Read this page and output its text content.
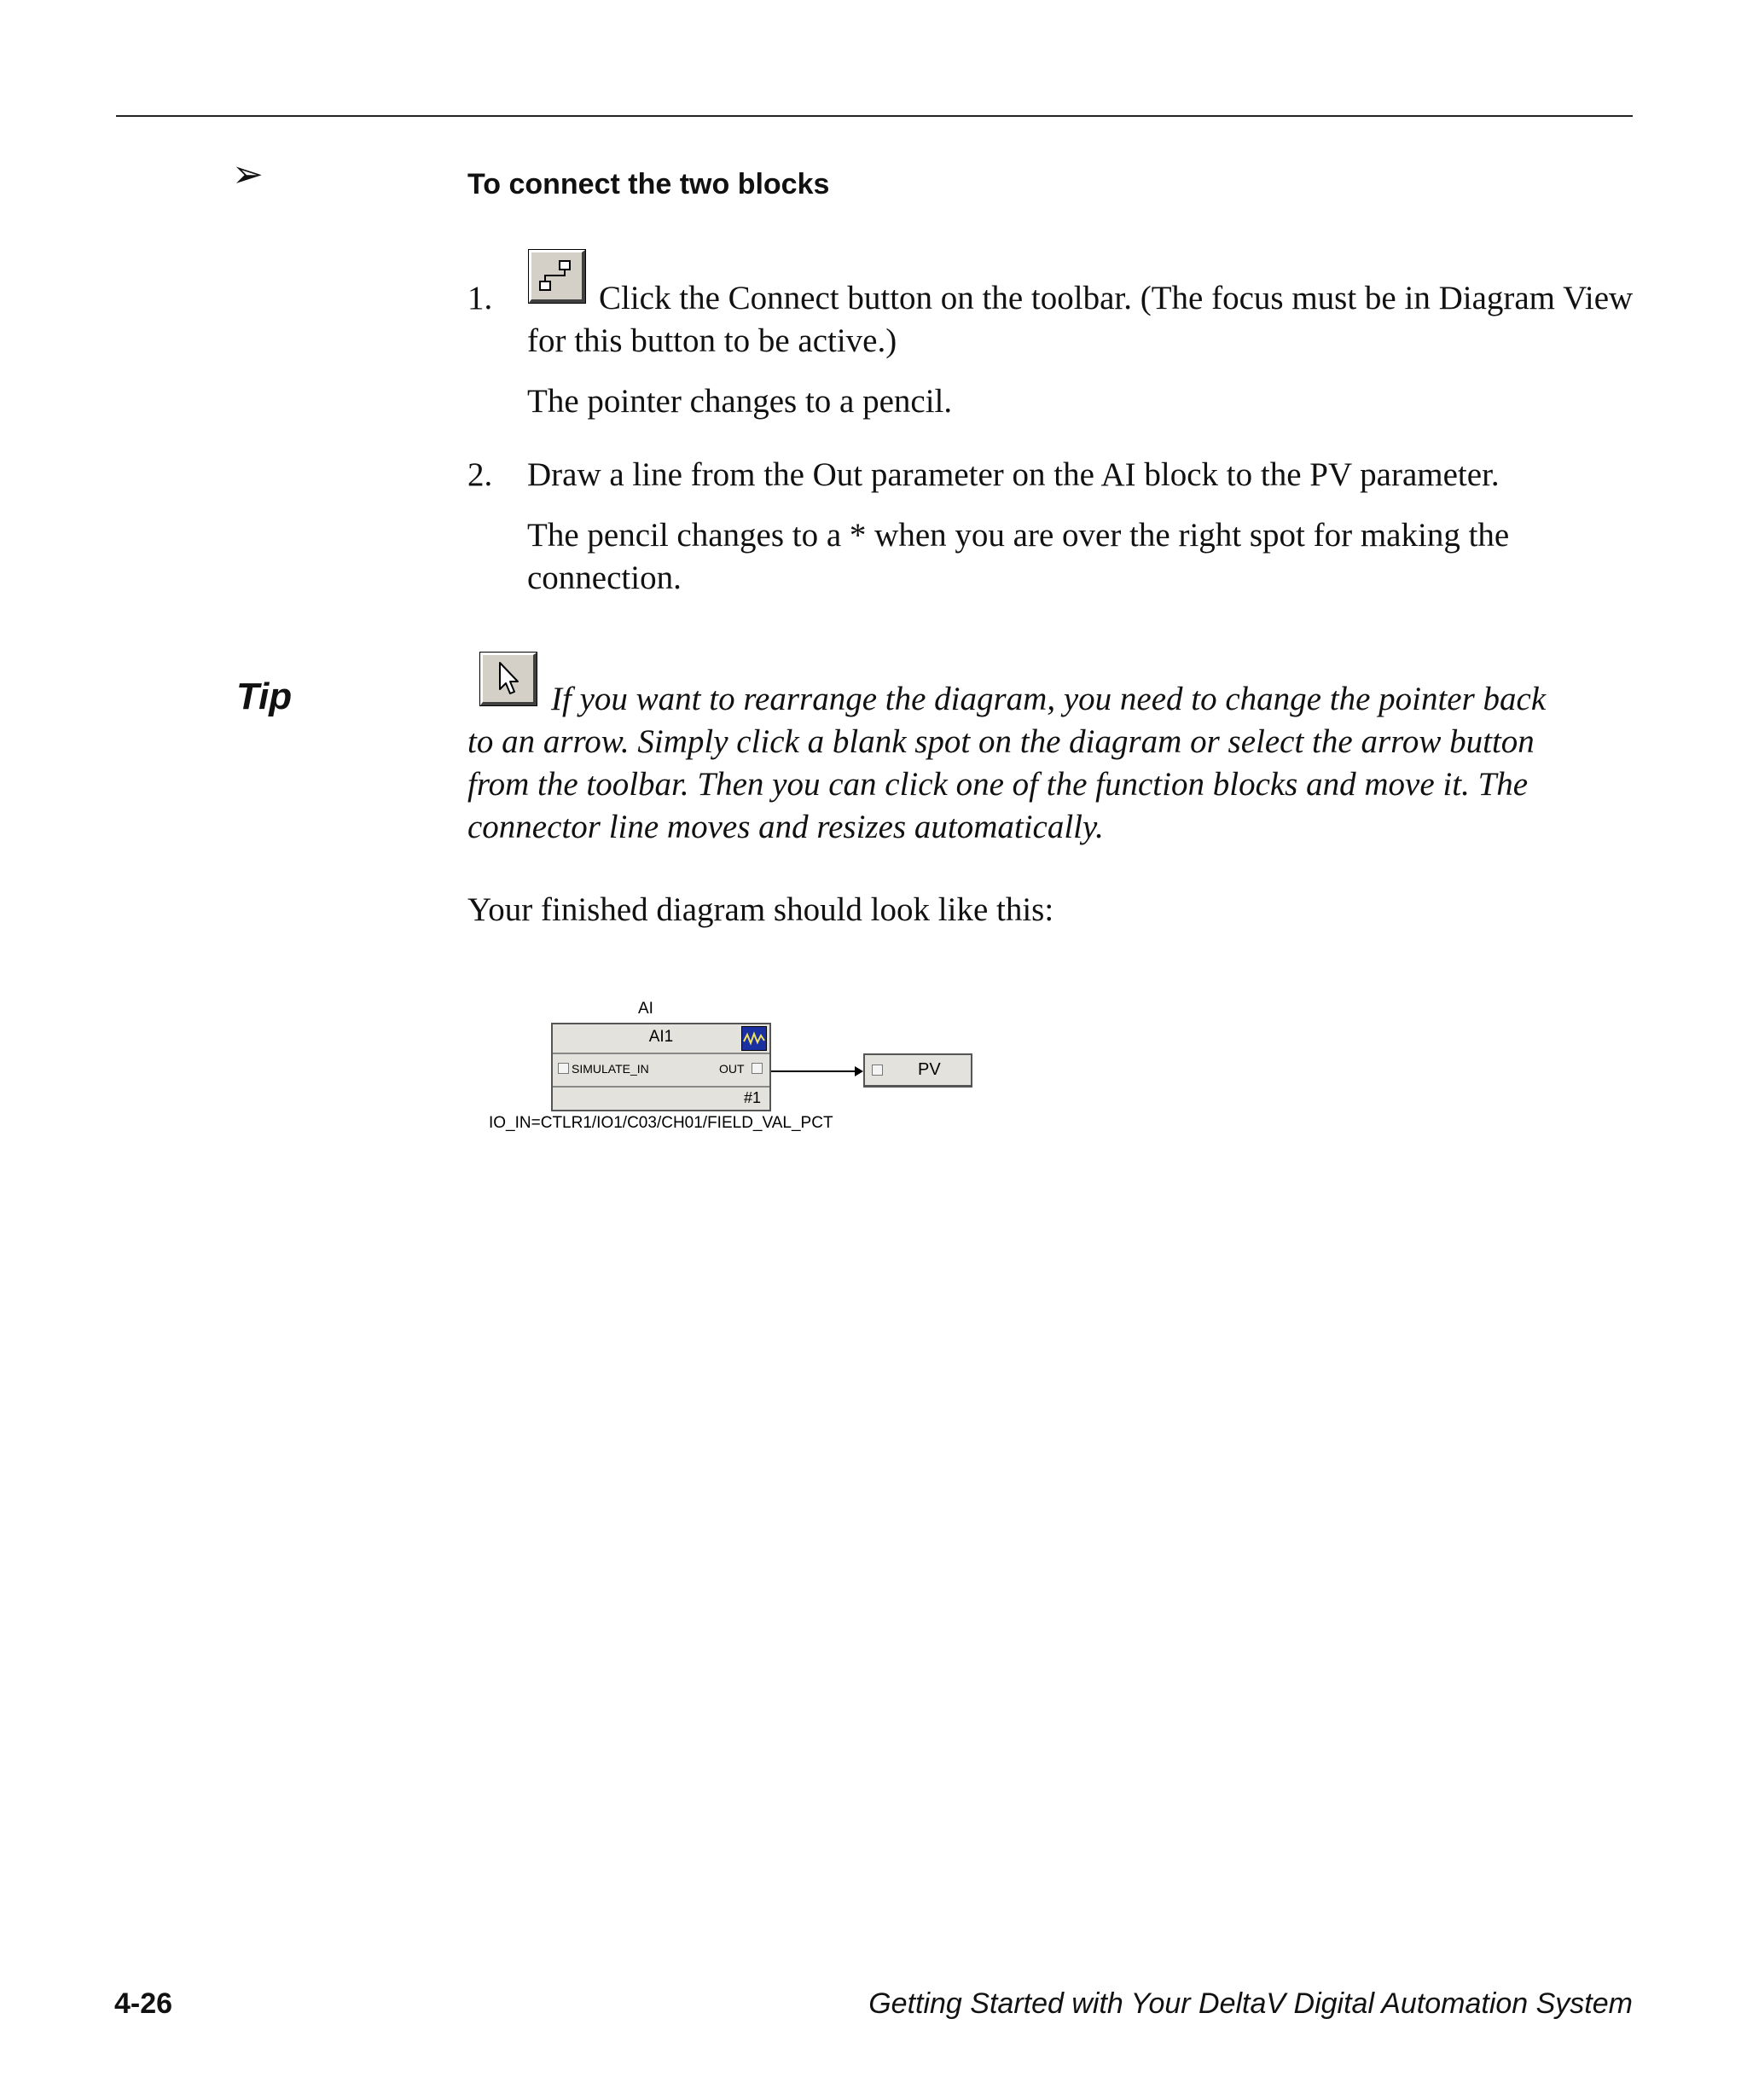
➢	To connect the two blocks
1.	Click the Connect button on the toolbar. (The focus must be in Diagram View for this button to be active.)
The pointer changes to a pencil.
2. Draw a line from the Out parameter on the AI block to the PV parameter.
The pencil changes to a * when you are over the right spot for making the connection.
Tip	If you want to rearrange the diagram, you need to change the pointer back to an arrow. Simply click a blank spot on the diagram or select the arrow button from the toolbar. Then you can click one of the function blocks and move it. The connector line moves and resizes automatically.
Your finished diagram should look like this:
AI
AI1
SIMULATE_IN	OUT
#1
IO_IN=CTLR1/IO1/C03/CH01/FIELD_VAL_PCT
PV
4-26	Getting Started with Your DeltaV Digital Automation System
